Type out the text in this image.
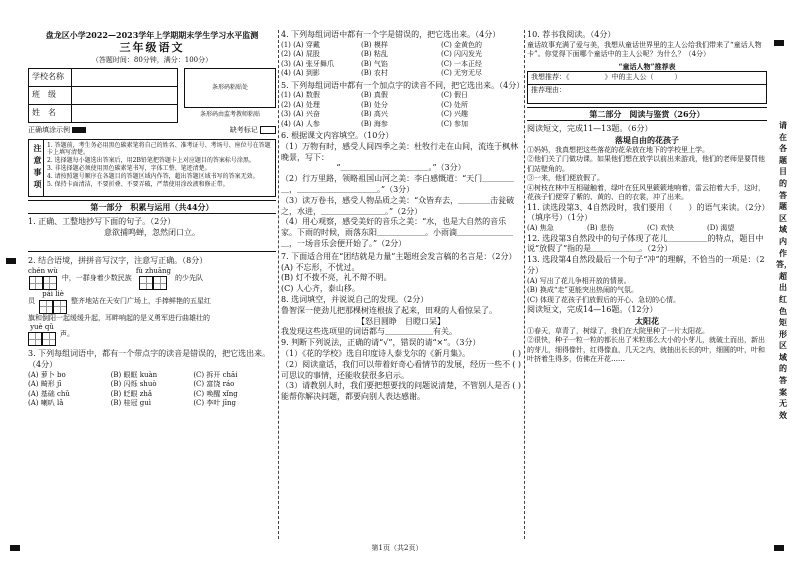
盘龙区小学2022—2023学年上学期期末学生学习水平监测
三年级语文
（答题时间：80分钟，满分：100分）
学校名称	
班　级	
姓　名	
条形码粘贴处
条形码由监考教师粘贴
正确填涂示例	缺考标记
注意事项 1. 答题前，考生务必用黑色碳素笔将自己的姓名、准考证号、考场号、座位号在答题卡上填写清楚。
2. 选择题每小题选出答案后，用2B铅笔把答题卡上对应题目的答案标号涂黑。
3. 非选择题必须使用黑色碳素笔书写，字体工整、笔迹清楚。
4. 请按照题号顺序在各题目的答题区域内作答，超出答题区域书写的答案无效。
5. 保持卡面清洁，不要折叠、不要弄破，严禁使用涂改液和修正带。
第一部分　积累与运用（共44分）
1. 正确、工整地抄写下面的句子。（2分）
意欲捕鸣蝉，忽然闭口立。
2. 结合语境，拼拼音写汉字，注意写正确。（8分）
chén wù
中，一群身着少数民族
fù zhuāng
的少先队
员
pái liè
整齐地站在天安门广场上，手捧鲜艳的五星红
旗和倒阳一起缓缓升起，耳畔响起的是义勇军进行曲雄壮的
yuè qǔ
声。
3. 下列每组词语中，都有一个带点字的读音是错误的，把它选出来。（4分）
(A) 萝卜 bo	(B) 眼眶 kuàn	(C) 拆开 chāi
(A) 畸形 jī	(B) 闪烁 shuò	(C) 富饶 ráo
(A) 基础 chǔ	(B) 眨眼 zhǎ	(C) 唤醒 xǐng
(A) 喇叭 lǎ	(B) 桂冠 guì	(C) 李叶 jīng
4. 下列每组词语中都有一个字是错误的，把它选出来。（4分）
(1) (A) 穿戴	(B) 模样	(C) 金黄色的
(2) (A) 屁股	(B) 粘乱	(C) 闪闪发光
(3) (A) 张牙舞爪	(B) 气馅	(C) 一本正经
(4) (A) 到影	(B) 农村	(C) 无穷无尽
5. 下列每组词语中都有一个加点字的读音不同，把它选出来。（4分）
(1) (A) 数假	(B) 真假	(C) 假日
(2) (A) 处理	(B) 处分	(C) 处所
(3) (A) 兴奋	(B) 高兴	(C) 兴趣
(4) (A) 人参	(B) 海参	(C) 参加
6. 根据课文内容填空。（10分）
（1）万物有时，感受人间四季之美：杜牧行走在山间，流连于枫林晚景，写下：
“＿＿＿＿＿＿＿＿＿＿＿。”（3分）
（2）行万里路，领略祖国山河之美：李白感慨道：“天门＿＿＿＿＿，＿＿＿＿＿＿＿＿＿＿。”（3分）
（3）读万卷书，感受人物品质之美：“众皆弃去，＿＿＿＿击瓮破之，水进，＿＿＿＿＿＿＿＿。”（2分）
（4）用心观察，感受美好的音乐之美：“水，也是大自然的音乐家。下雨的时候，雨落东阳＿＿＿＿＿＿。小雨滴＿＿＿＿＿＿＿＿，一场音乐会便开始了。”（2分）
7. 下面适合用在“团结就是力量”主题班会发言稿的名言是：（2分）
(A) 不忘形，不忧过。
(B) 灯不拨不亮，礼不辩不明。
(C) 人心齐，泰山移。
8. 选词填空，并说说自己的发现。（2分）
鲁智深一使劲儿把那棵树连根拔了起来，田观的人看惊呆了。
【怒目圆睁　目瞪口呆】
我发现这些选项里的词语都与＿＿＿＿＿＿有关。
9. 判断下列说法，正确的请“√”，错误的请“×”。（3分）
（1）《花的学校》选自印度诗人泰戈尔的《新月集》。	( )
（2）阅读童话，我们可以带着好奇心看情节的发展，经历一些不可思议的事情，还能收获很多启示。
( )
（3）请教别人时，我们要把想要找的问题说清楚，不管别人是否能帮你解决问题，都要向别人表达感谢。
( )
10. 荐书我阅读。（4分）
童话故事充满了爱与美，我想从童话世界里的主人公给我们带来了“童话人物卡”。你觉得下面哪个童话中的主人公呢？为什么？（4分）
“童话人物”推荐表
我想推荐：《　　　　　》中的主人公（　　　）
推荐理由：
第二部分　阅读与鉴赏（26分）
阅读短文，完成11—13题。（6分）
落堤自由的花孩子
①妈妈，我真想把这些落花的花朵放在地下的学校里上学。
②他们关了门做功课。如果他们想在放学以前出来游戏，他们的老师是要罚他们站壁角的。
③一来，他们便放假了。
④树枝在林中互相碰触着，绿叶在狂风里簌簌地响着，雷云拍着大手，这时，花孩子们便穿了紫的、黄的、白的衣裳，冲了出来。
11. 读选段第3、4自然段时，我们要用（　　）的语气来读。（2分）
（填序号）（1分）
(A) 焦急	(B) 悲伤	(C) 欢快	(D) 渴望
12. 选段第3自然段中的句子体现了花儿＿＿＿＿＿的特点，题目中说“放假了”指的是＿＿＿＿＿＿。（2分）
13. 选段第4自然段最后一个句子“冲”的理解，不恰当的一项是：（2分）
(A) 写出了花儿争相开放的情景。
(B) 换成“走”更能突出热闹的气氛。
(C) 体现了花孩子们放假后的开心、急切的心情。
阅读短文，完成14—16题。（12分）
太阳花
①春天，草青了，树绿了，我们在大院里种了一片太阳花。
②很快，种子一粒一粒的都长出了米粒那么大小的小芽儿，就破土而出，新出的芽儿，细得像针，红得像血，几天之内，就抽出长长的叶，细圆的叶，叶和叶挤着生得多，仿佛在开花……
请在各题目的答题区域内作答，超出红色矩形区域的答案无效
第1页（共2页）
